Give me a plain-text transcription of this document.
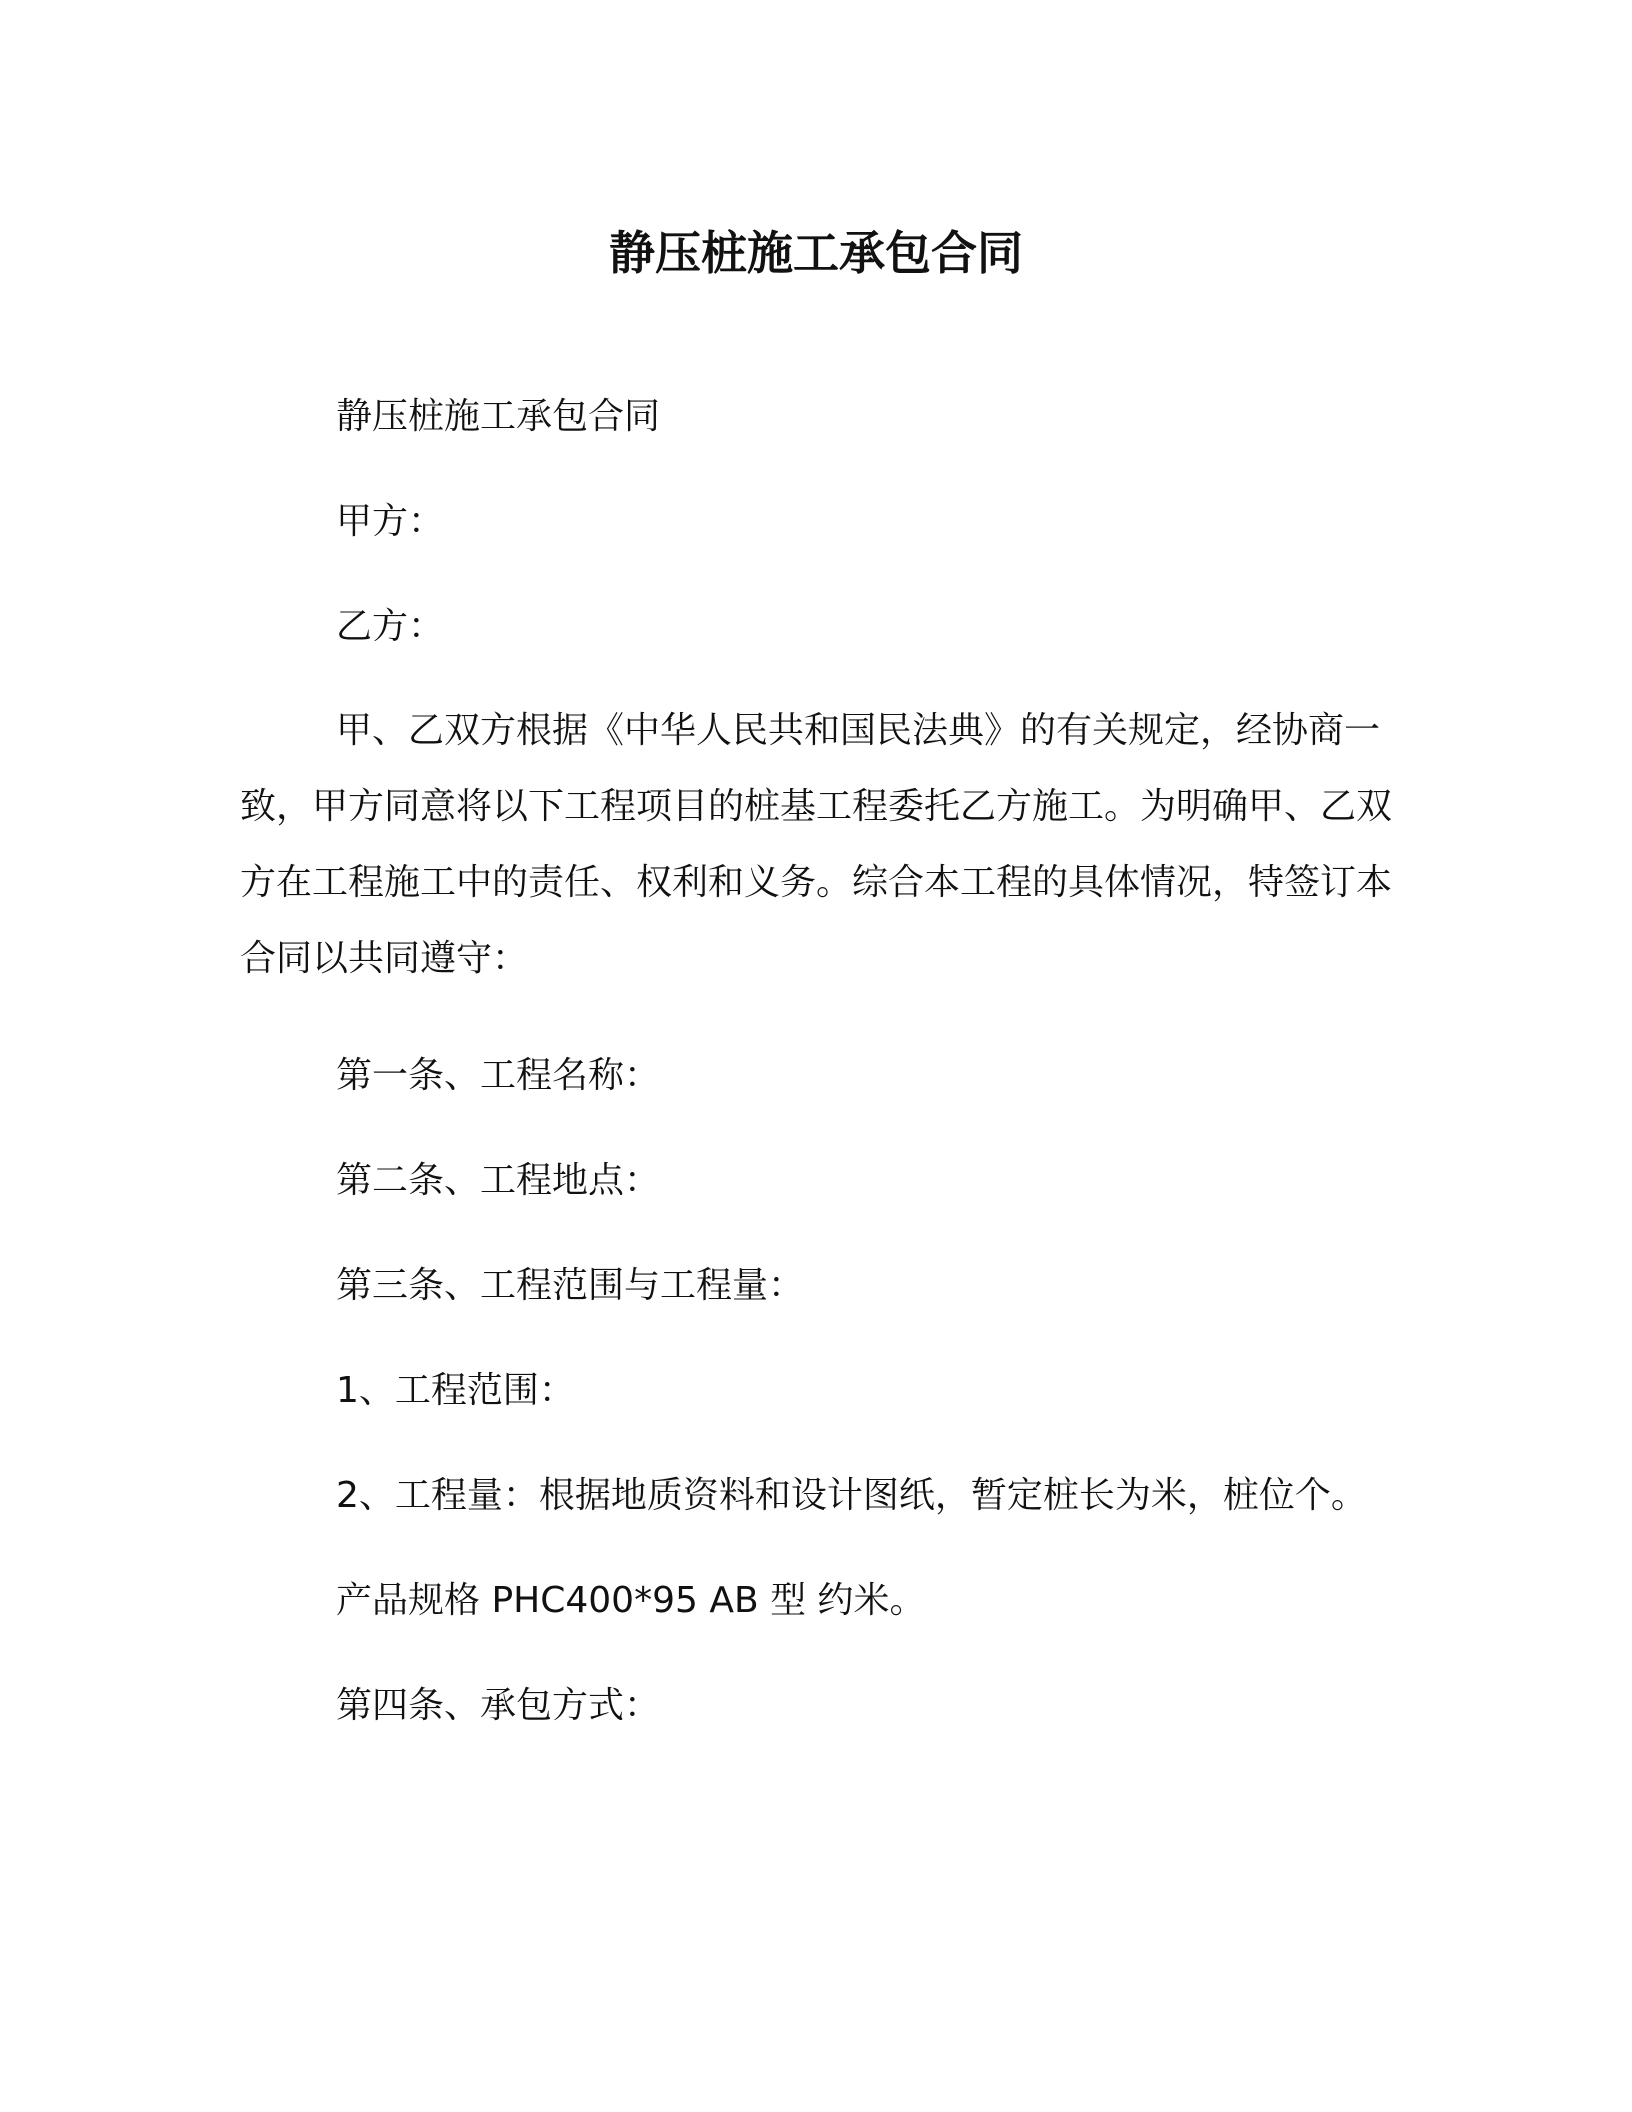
静压桩施工承包合同

静压桩施工承包合同

甲方：

乙方：

甲、乙双方根据《中华人民共和国民法典》的有关规定，经协商一致，甲方同意将以下工程项目的桩基工程委托乙方施工。为明确甲、乙双方在工程施工中的责任、权利和义务。综合本工程的具体情况，特签订本合同以共同遵守：

第一条、工程名称：

第二条、工程地点：

第三条、工程范围与工程量：

1、工程范围：

2、工程量：根据地质资料和设计图纸，暂定桩长为米，桩位个。

产品规格 PHC400*95 AB 型 约米。

第四条、承包方式：
